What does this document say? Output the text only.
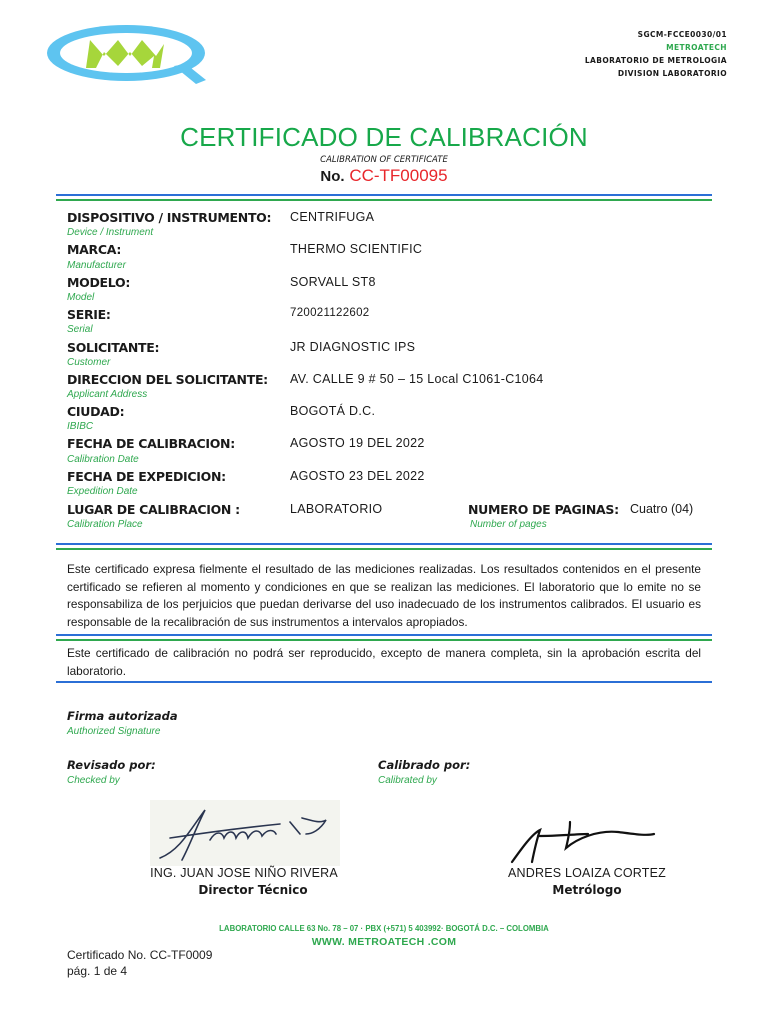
SGCM-FCCE0030/01
METROATECH
LABORATORIO DE METROLOGIA
DIVISION LABORATORIO
CERTIFICADO DE CALIBRACIÓN
CALIBRATION OF CERTIFICATE
No. CC-TF00095
DISPOSITIVO / INSTRUMENTO:
Device / Instrument
CENTRIFUGA
MARCA:
Manufacturer
THERMO SCIENTIFIC
MODELO:
Model
SORVALL ST8
SERIE:
Serial
720021122602
SOLICITANTE:
Customer
JR DIAGNOSTIC IPS
DIRECCION DEL SOLICITANTE:
Applicant Address
AV. CALLE 9 # 50 – 15 Local C1061-C1064
CIUDAD:
IBIBC
BOGOTÁ D.C.
FECHA DE CALIBRACION:
Calibration Date
AGOSTO 19 DEL 2022
FECHA DE EXPEDICION:
Expedition Date
AGOSTO 23 DEL 2022
LUGAR DE CALIBRACION :
Calibration Place
LABORATORIO	NUMERO DE PAGINAS: Cuatro (04)
Number of pages
Este certificado expresa fielmente el resultado de las mediciones realizadas. Los resultados contenidos en el presente certificado se refieren al momento y condiciones en que se realizan las mediciones. El laboratorio que lo emite no se responsabiliza de los perjuicios que puedan derivarse del uso inadecuado de los instrumentos calibrados. El usuario es responsable de la recalibración de sus instrumentos a intervalos apropiados.
Este certificado de calibración no podrá ser reproducido, excepto de manera completa, sin la aprobación escrita del laboratorio.
Firma autorizada
Authorized Signature
Revisado por:
Checked by
Calibrado por:
Calibrated by
ING. JUAN JOSE NIÑO RIVERA
Director Técnico
ANDRES LOAIZA CORTEZ
Metrólogo
LABORATORIO CALLE 63 No. 78 – 07 · PBX (+571) 5 403992· BOGOTÁ D.C. – COLOMBIA
WWW. METROATECH .COM
Certificado No. CC-TF0009
pág. 1 de 4
